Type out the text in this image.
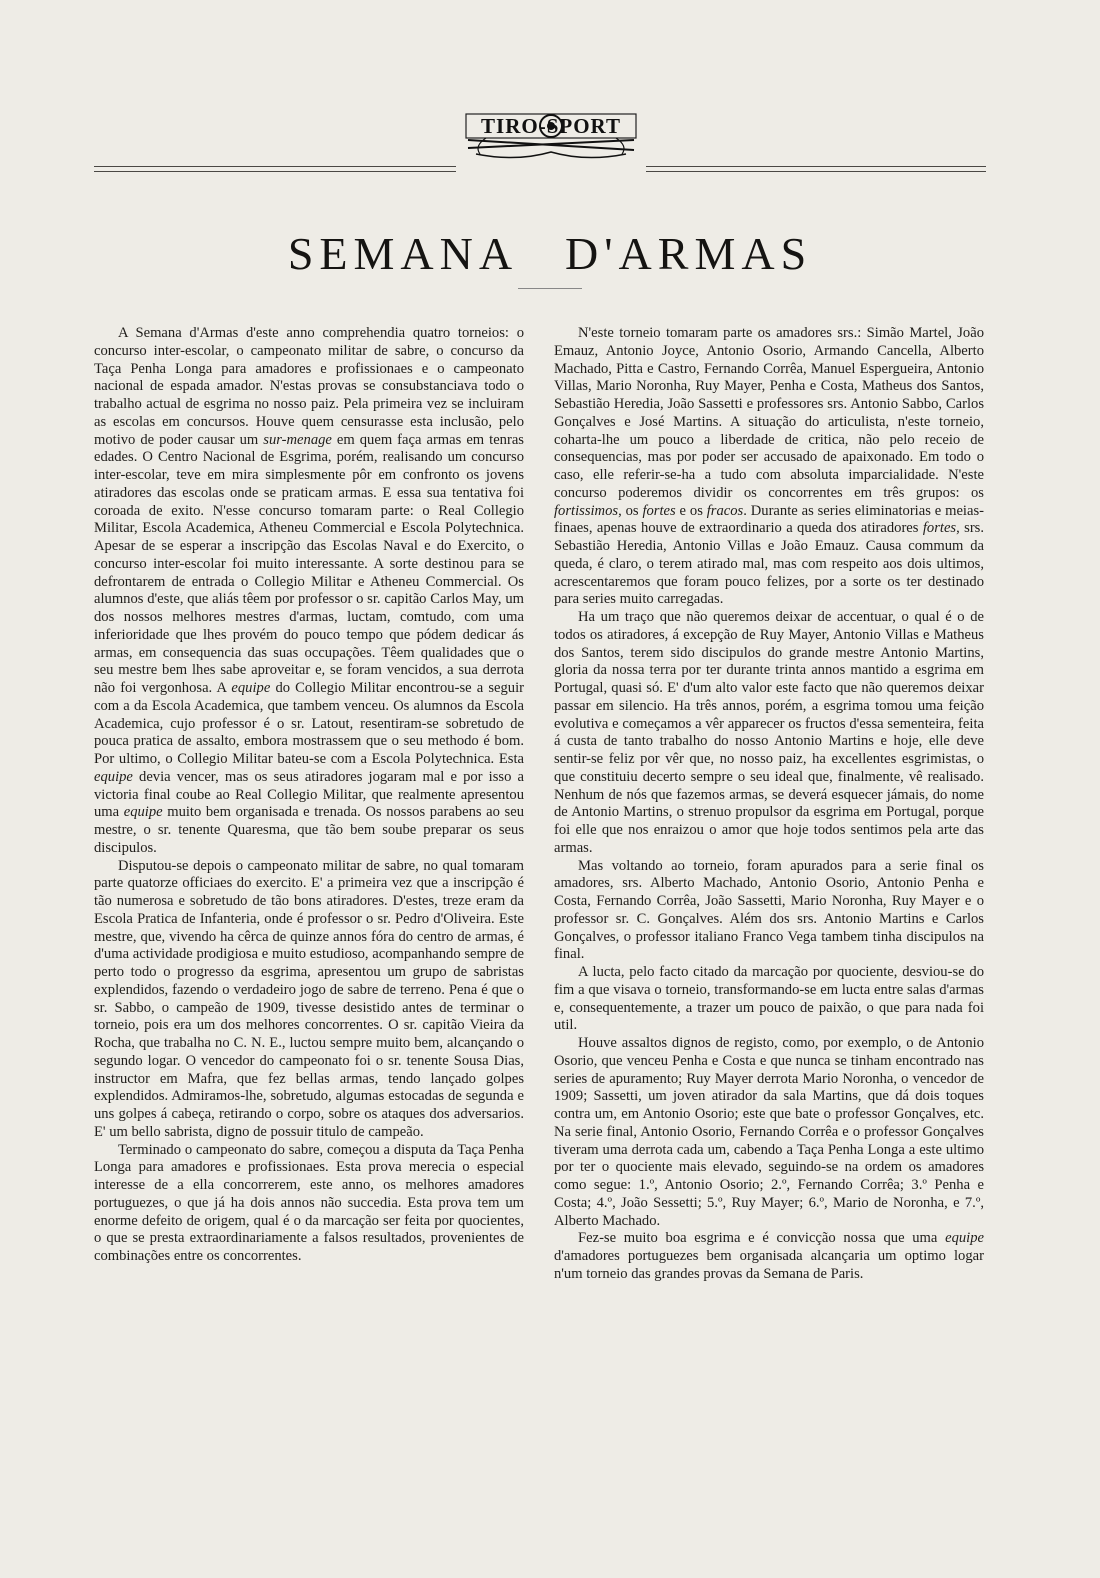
TIRO-SPORT
SEMANA D'ARMAS

A Semana d'Armas d'este anno comprehendia quatro torneios: o concurso inter-escolar, o campeonato militar de sabre, o concurso da Taça Penha Longa para amadores e profissionaes e o campeonato nacional de espada amador. N'estas provas se consubstanciava todo o trabalho actual de esgrima no nosso paiz. Pela primeira vez se incluiram as escolas em concursos. Houve quem censurasse esta inclusão, pelo motivo de poder causar um sur-menage em quem faça armas em tenras edades. O Centro Nacional de Esgrima, porém, realisando um concurso inter-escolar, teve em mira simplesmente pôr em confronto os jovens atiradores das escolas onde se praticam armas. E essa sua tentativa foi coroada de exito. N'esse concurso tomaram parte: o Real Collegio Militar, Escola Academica, Atheneu Commercial e Escola Polytechnica. Apesar de se esperar a inscripção das Escolas Naval e do Exercito, o concurso inter-escolar foi muito interessante. A sorte destinou para se defrontarem de entrada o Collegio Militar e Atheneu Commercial. Os alumnos d'este, que aliás têem por professor o sr. capitão Carlos May, um dos nossos melhores mestres d'armas, luctam, comtudo, com uma inferioridade que lhes provém do pouco tempo que pódem dedicar ás armas, em consequencia das suas occupações. Têem qualidades que o seu mestre bem lhes sabe aproveitar e, se foram vencidos, a sua derrota não foi vergonhosa. A equipe do Collegio Militar encontrou-se a seguir com a da Escola Academica, que tambem venceu. Os alumnos da Escola Academica, cujo professor é o sr. Latout, resentiram-se sobretudo de pouca pratica de assalto, embora mostrassem que o seu methodo é bom. Por ultimo, o Collegio Militar bateu-se com a Escola Polytechnica. Esta equipe devia vencer, mas os seus atiradores jogaram mal e por isso a victoria final coube ao Real Collegio Militar, que realmente apresentou uma equipe muito bem organisada e trenada. Os nossos parabens ao seu mestre, o sr. tenente Quaresma, que tão bem soube preparar os seus discipulos.

Disputou-se depois o campeonato militar de sabre, no qual tomaram parte quatorze officiaes do exercito. E' a primeira vez que a inscripção é tão numerosa e sobretudo de tão bons atiradores. D'estes, treze eram da Escola Pratica de Infanteria, onde é professor o sr. Pedro d'Oliveira. Este mestre, que, vivendo ha cêrca de quinze annos fóra do centro de armas, é d'uma actividade prodigiosa e muito estudioso, acompanhando sempre de perto todo o progresso da esgrima, apresentou um grupo de sabristas explendidos, fazendo o verdadeiro jogo de sabre de terreno. Pena é que o sr. Sabbo, o campeão de 1909, tivesse desistido antes de terminar o torneio, pois era um dos melhores concorrentes. O sr. capitão Vieira da Rocha, que trabalha no C. N. E., luctou sempre muito bem, alcançando o segundo logar. O vencedor do campeonato foi o sr. tenente Sousa Dias, instructor em Mafra, que fez bellas armas, tendo lançado golpes explendidos. Admiramos-lhe, sobretudo, algumas estocadas de segunda e uns golpes á cabeça, retirando o corpo, sobre os ataques dos adversarios. E' um bello sabrista, digno de possuir titulo de campeão.

Terminado o campeonato do sabre, começou a disputa da Taça Penha Longa para amadores e profissionaes. Esta prova merecia o especial interesse de a ella concorrerem, este anno, os melhores amadores portuguezes, o que já ha dois annos não succedia. Esta prova tem um enorme defeito de origem, qual é o da marcação ser feita por quocientes, o que se presta extraordinariamente a falsos resultados, provenientes de combinações entre os concorrentes.

N'este torneio tomaram parte os amadores srs.: Simão Martel, João Emauz, Antonio Joyce, Antonio Osorio, Armando Cancella, Alberto Machado, Pitta e Castro, Fernando Corrêa, Manuel Espergueira, Antonio Villas, Mario Noronha, Ruy Mayer, Penha e Costa, Matheus dos Santos, Sebastião Heredia, João Sassetti e professores srs. Antonio Sabbo, Carlos Gonçalves e José Martins. A situação do articulista, n'este torneio, coharta-lhe um pouco a liberdade de critica, não pelo receio de consequencias, mas por poder ser accusado de apaixonado. Em todo o caso, elle referir-se-ha a tudo com absoluta imparcialidade. N'este concurso poderemos dividir os concorrentes em três grupos: os fortissimos, os fortes e os fracos. Durante as series eliminatorias e meias-finaes, apenas houve de extraordinario a queda dos atiradores fortes, srs. Sebastião Heredia, Antonio Villas e João Emauz. Causa commum da queda, é claro, o terem atirado mal, mas com respeito aos dois ultimos, acrescentaremos que foram pouco felizes, por a sorte os ter destinado para series muito carregadas.

Ha um traço que não queremos deixar de accentuar, o qual é o de todos os atiradores, á excepção de Ruy Mayer, Antonio Villas e Matheus dos Santos, terem sido discipulos do grande mestre Antonio Martins, gloria da nossa terra por ter durante trinta annos mantido a esgrima em Portugal, quasi só. E' d'um alto valor este facto que não queremos deixar passar em silencio. Ha três annos, porém, a esgrima tomou uma feição evolutiva e começamos a vêr apparecer os fructos d'essa sementeira, feita á custa de tanto trabalho do nosso Antonio Martins e hoje, elle deve sentir-se feliz por vêr que, no nosso paiz, ha excellentes esgrimistas, o que constituiu decerto sempre o seu ideal que, finalmente, vê realisado. Nenhum de nós que fazemos armas, se deverá esquecer jámais, do nome de Antonio Martins, o strenuo propulsor da esgrima em Portugal, porque foi elle que nos enraizou o amor que hoje todos sentimos pela arte das armas.

Mas voltando ao torneio, foram apurados para a serie final os amadores, srs. Alberto Machado, Antonio Osorio, Antonio Penha e Costa, Fernando Corrêa, João Sassetti, Mario Noronha, Ruy Mayer e o professor sr. C. Gonçalves. Além dos srs. Antonio Martins e Carlos Gonçalves, o professor italiano Franco Vega tambem tinha discipulos na final.

A lucta, pelo facto citado da marcação por quociente, desviou-se do fim a que visava o torneio, transformando-se em lucta entre salas d'armas e, consequentemente, a trazer um pouco de paixão, o que para nada foi util.

Houve assaltos dignos de registo, como, por exemplo, o de Antonio Osorio, que venceu Penha e Costa e que nunca se tinham encontrado nas series de apuramento; Ruy Mayer derrota Mario Noronha, o vencedor de 1909; Sassetti, um joven atirador da sala Martins, que dá dois toques contra um, em Antonio Osorio; este que bate o professor Gonçalves, etc. Na serie final, Antonio Osorio, Fernando Corrêa e o professor Gonçalves tiveram uma derrota cada um, cabendo a Taça Penha Longa a este ultimo por ter o quociente mais elevado, seguindo-se na ordem os amadores como segue: 1.º, Antonio Osorio; 2.º, Fernando Corrêa; 3.º Penha e Costa; 4.º, João Sessetti; 5.º, Ruy Mayer; 6.º, Mario de Noronha, e 7.º, Alberto Machado.

Fez-se muito boa esgrima e é convicção nossa que uma equipe d'amadores portuguezes bem organisada alcançaria um optimo logar n'um torneio das grandes provas da Semana de Paris.
